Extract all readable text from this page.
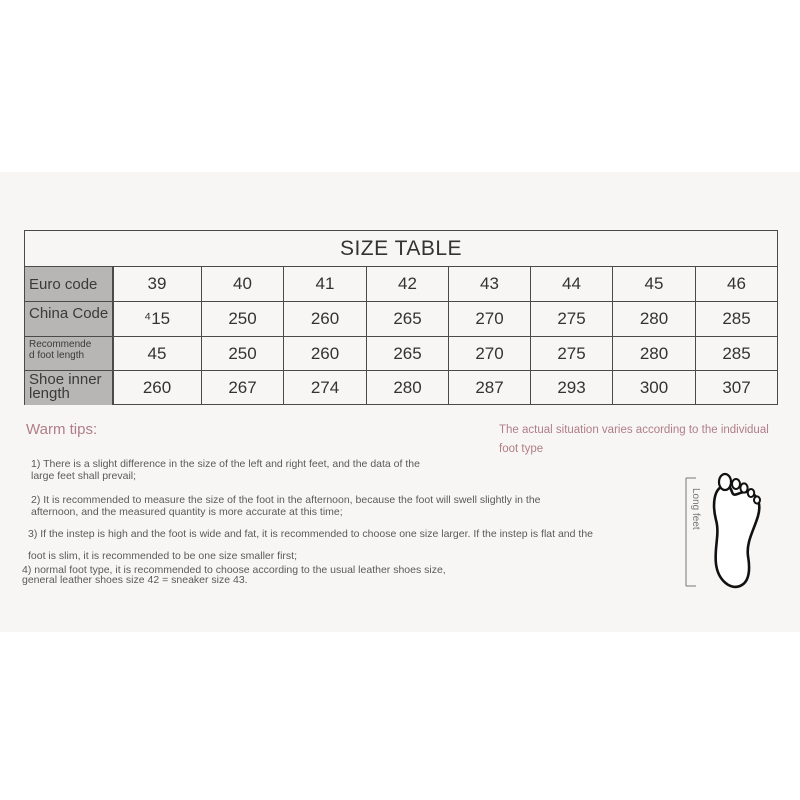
SIZE TABLE
Euro code	39	40	41	42	43	44	45	46
China Code	⁴15	250	260	265	270	275	280	285
Recommende
d foot length	45	250	260	265	270	275	280	285
Shoe inner
length	260	267	274	280	287	293	300	307
Warm tips:	The actual situation varies according to the individual foot type
1) There is a slight difference in the size of the left and right feet, and the data of the
large feet shall prevail;
2) It is recommended to measure the size of the foot in the afternoon, because the foot will swell slightly in the
afternoon, and the measured quantity is more accurate at this time;
3) If the instep is high and the foot is wide and fat, it is recommended to choose one size larger. If the instep is flat and the
foot is slim, it is recommended to be one size smaller first;
4) normal foot type, it is recommended to choose according to the usual leather shoes size,
general leather shoes size 42 = sneaker size 43.
Long feet
